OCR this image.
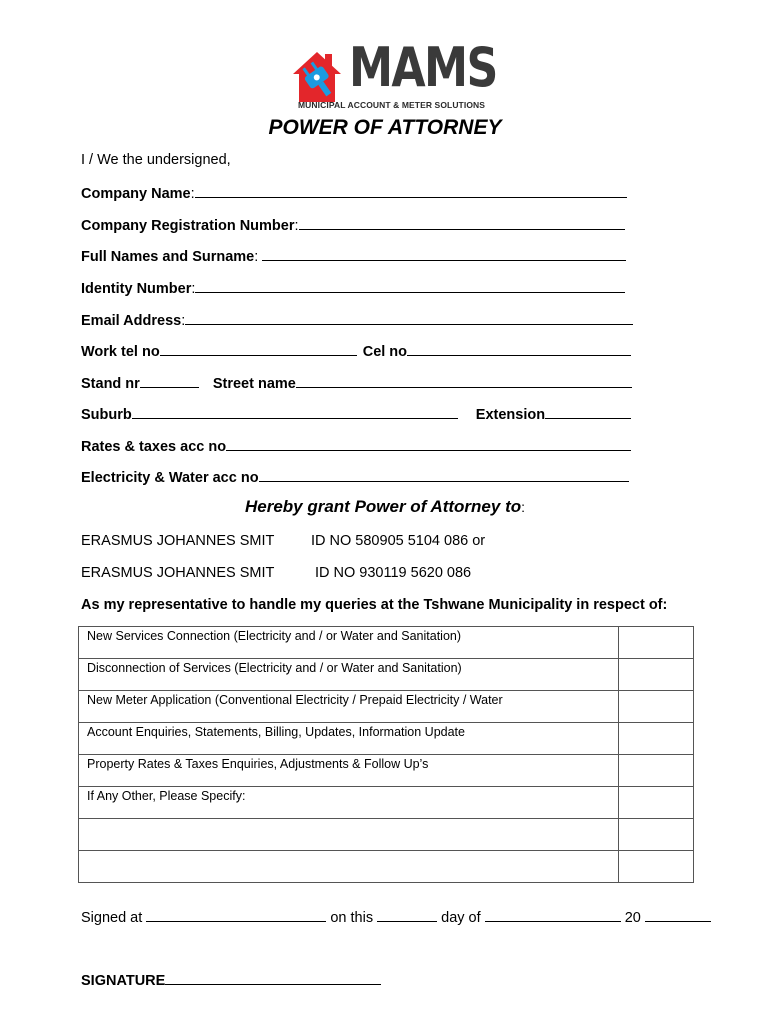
MAMS
MUNICIPAL ACCOUNT & METER SOLUTIONS
POWER OF ATTORNEY
I / We the undersigned,
Company Name:
Company Registration Number:
Full Names and Surname:
Identity Number:
Email Address:
Work tel no	Cel no
Stand nr	Street name
Suburb	Extension
Rates & taxes acc no
Electricity & Water acc no
Hereby grant Power of Attorney to:
ERASMUS JOHANNES SMIT	ID NO 580905 5104 086 or
ERASMUS JOHANNES SMIT	ID NO 930119 5620 086
As my representative to handle my queries at the Tshwane Municipality in respect of:
New Services Connection (Electricity and / or Water and Sanitation)	
Disconnection of Services (Electricity and / or Water and Sanitation)	
New Meter Application (Conventional Electricity / Prepaid Electricity / Water	
Account Enquiries, Statements, Billing, Updates, Information Update	
Property Rates & Taxes Enquiries, Adjustments & Follow Up’s	
If Any Other, Please Specify:	

Signed at	on this	day of	20
SIGNATURE
